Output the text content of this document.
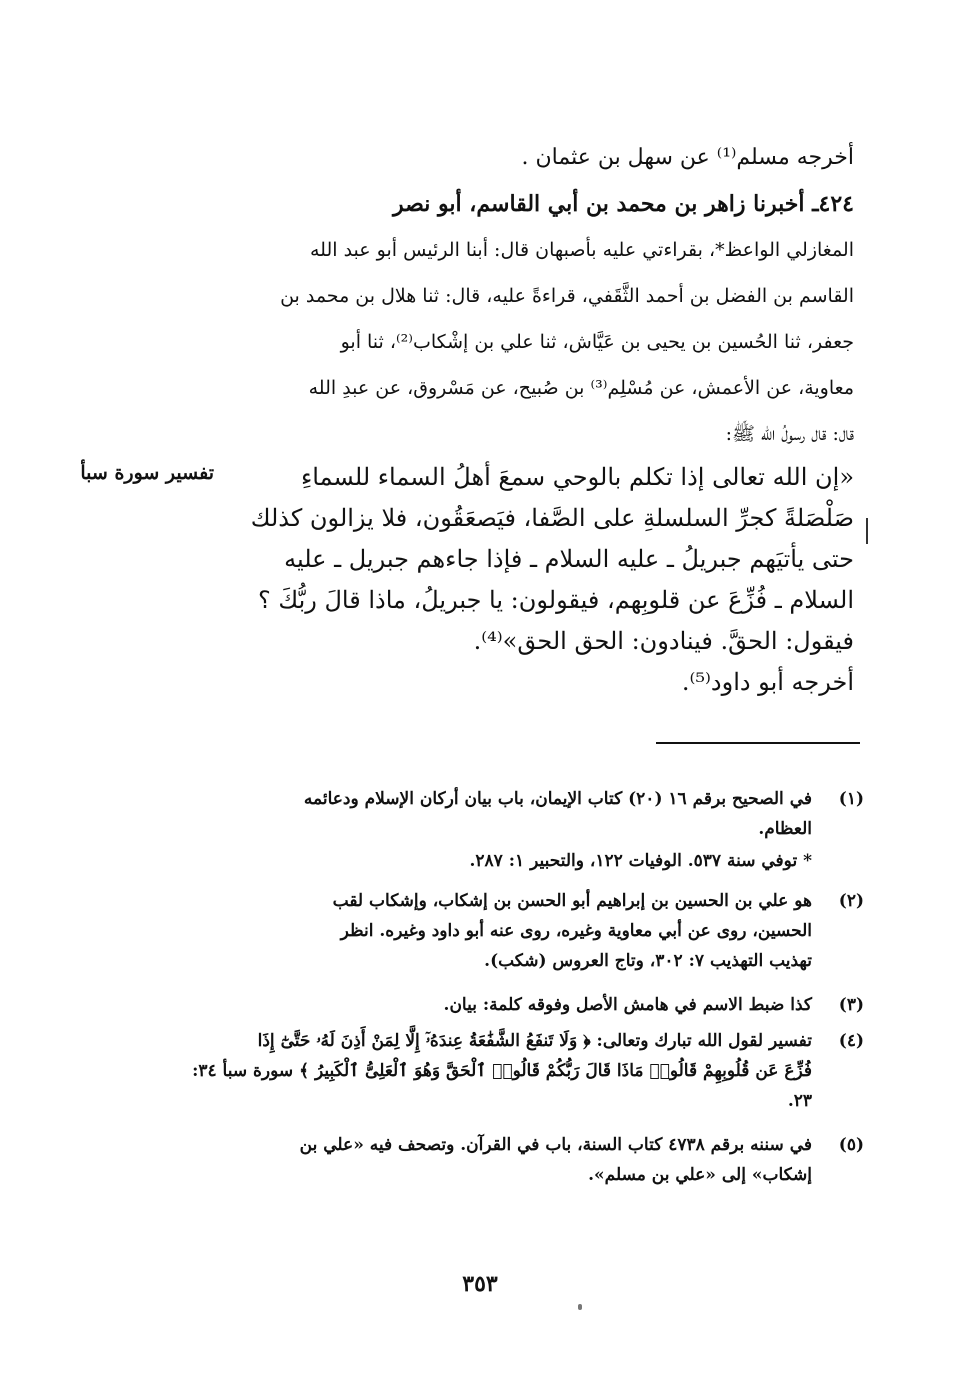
أخرجه مسلم⁽¹⁾ عن سهل بن عثمان .
٤٢٤ـ أخبرنا زاهر بن محمد بن أبي القاسم، أبو نصر
المغازلي الواعظ*، بقراءتي عليه بأصبهان قال: أبنا الرئيس أبو عبد الله
القاسم بن الفضل بن أحمد الثَّقَفي، قراءةً عليه، قال: ثنا هلال بن محمد بن
جعفر، ثنا الحُسين بن يحيى بن عَيَّاش، ثنا علي بن إشْكاب⁽²⁾، ثنا أبو
معاوية، عن الأعمش، عن مُسْلِم⁽³⁾ بن صُبيح، عن مَسْروق، عن عبدِ الله
قال: قال رسولُ الله ﷺ:
«إن الله تعالى إذا تكلم بالوحي سمعَ أهلُ السماء للسماءِ
صَلْصَلةً كجرِّ السلسلةِ على الصَّفا، فيَصعَقُون، فلا يزالون كذلك
حتى يأتيَهم جبريلُ ـ عليه السلام ـ فإذا جاءهم جبريل ـ عليه
السلام ـ فُزِّعَ عن قلوبِهم، فيقولون: يا جبريلُ، ماذا قالَ ربُّكَ ؟
فيقول: الحقَّ. فينادون: الحق الحق»⁽⁴⁾.
أخرجه أبو داود⁽⁵⁾.
تفسير سورة سبأ
(١)
في الصحيح برقم ١٦ (٢٠) كتاب الإيمان، باب بيان أركان الإسلام ودعائمه
العظام.
* توفي سنة ٥٣٧. الوفيات ١٢٢، والتحبير ١: ٢٨٧.
(٢)
هو علي بن الحسين بن إبراهيم أبو الحسن بن إشكاب، وإشكاب لقب
الحسين، روى عن أبي معاوية وغيره، روى عنه أبو داود وغيره. انظر
تهذيب التهذيب ٧: ٣٠٢، وتاج العروس (شكب).
(٣)
كذا ضبط الاسم في هامش الأصل وفوقه كلمة: بيان.
(٤)
تفسير لقول الله تبارك وتعالى: ﴿ وَلَا تَنفَعُ الشَّفَٰعَةُ عِندَهُۥٓ إِلَّا لِمَنْ أَذِنَ لَهُۥ حَتَّىٰٓ إِذَا
فُزِّعَ عَن قُلُوبِهِمْ قَالُوا۟ مَاذَا قَالَ رَبُّكُمْ قَالُوا۟ ٱلْحَقَّ وَهُوَ ٱلْعَلِىُّ ٱلْكَبِيرُ ﴾ سورة سبأ ٣٤:
٢٣.
(٥)
في سننه برقم ٤٧٣٨ كتاب السنة، باب في القرآن. وتصحف فيه «علي بن
إشكاب» إلى «علي بن مسلم».
٣٥٣
